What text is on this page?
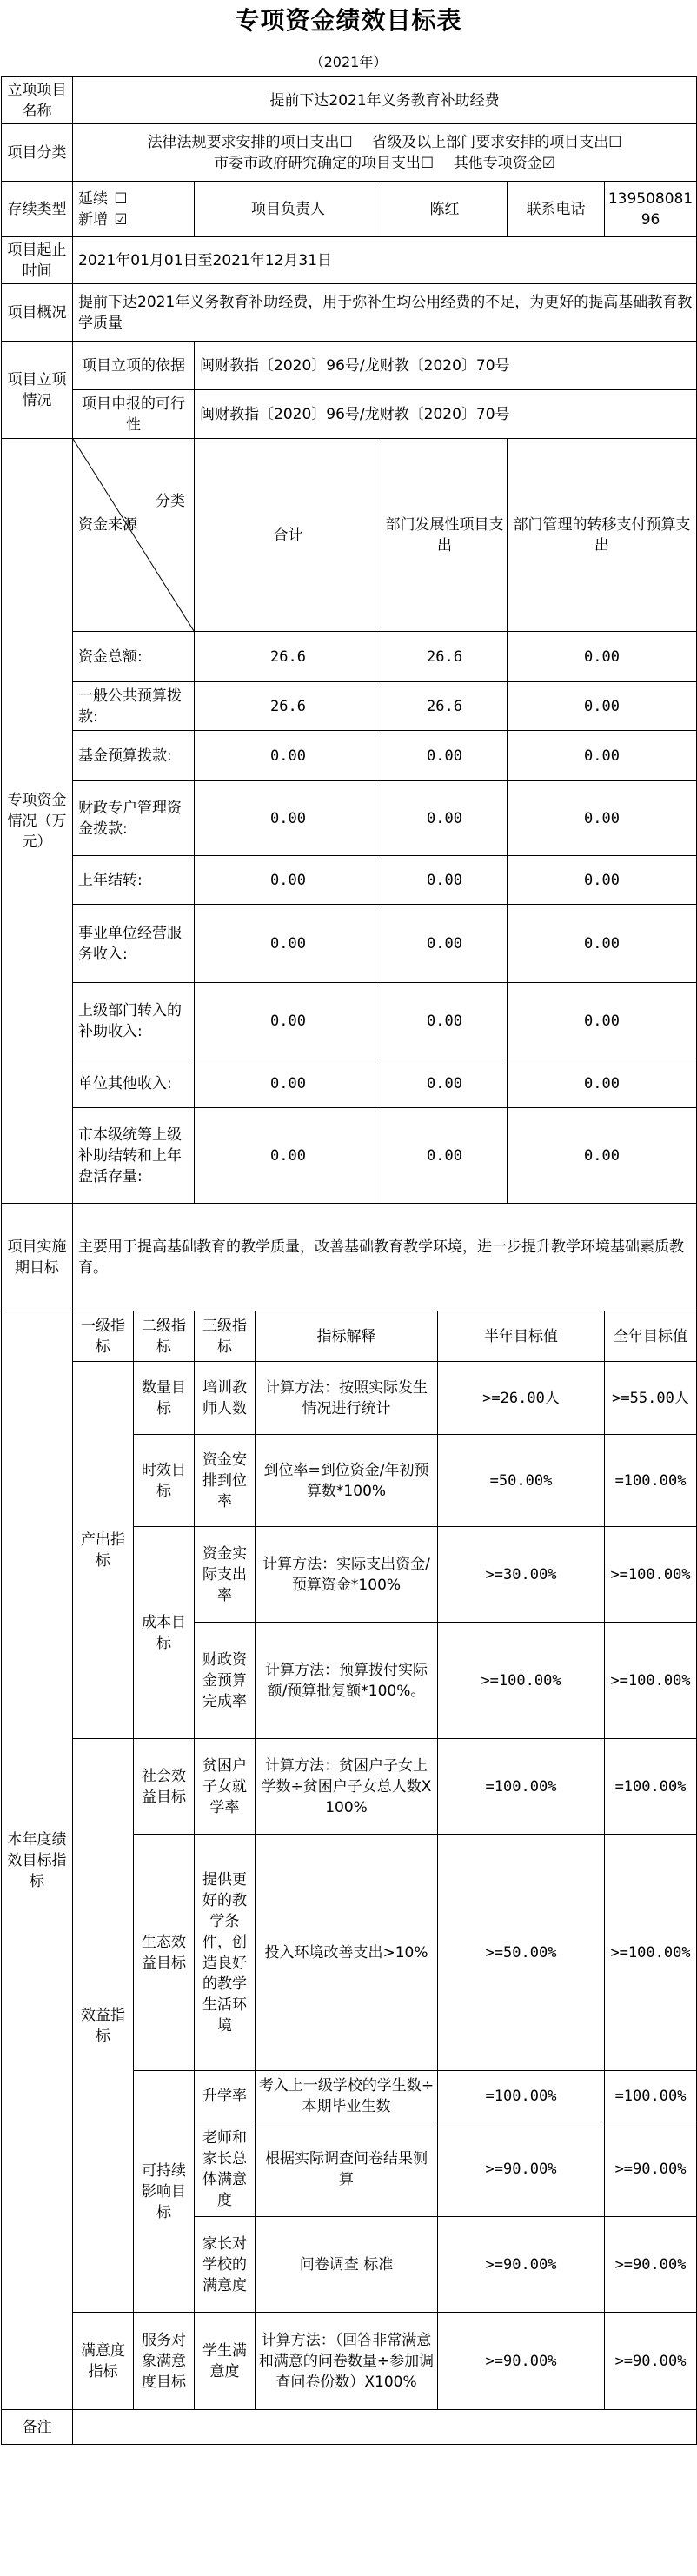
专项资金绩效目标表
（2021年）
立项项目名称	提前下达2021年义务教育补助经费							
项目分类	法律法规要求安排的项目支出☐　 省级及以上部门要求安排的项目支出☐
市委市政府研究确定的项目支出☐　 其他专项资金☑							

存续类型	延续 ☐
新增 ☑		项目负责人		陈红		联系电话	13950808196
项目起止时间	2021年01月01日至2021年12月31日							
项目概况	提前下达2021年义务教育补助经费，用于弥补生均公用经费的不足，为更好的提高基础教育教学质量							
项目立项情况	项目立项的依据		闽财教指〔2020〕96号/龙财教〔2020〕70号					
	项目申报的可行性		闽财教指〔2020〕96号/龙财教〔2020〕70号					
专项资金情况（万元）	分类
资金来源		合计		部门发展性项目支出		部门管理的转移支付预算支出	
	资金总额:		26.6		26.6		0.00	
	一般公共预算拨款:		26.6		26.6		0.00	
	基金预算拨款:		0.00		0.00		0.00	
	财政专户管理资金拨款:		0.00		0.00		0.00	
	上年结转:		0.00		0.00		0.00	
	事业单位经营服务收入:		0.00		0.00		0.00	
	上级部门转入的补助收入:		0.00		0.00		0.00	
	单位其他收入:		0.00		0.00		0.00	
	市本级统筹上级补助结转和上年盘活存量:		0.00		0.00		0.00	
项目实施期目标	主要用于提高基础教育的教学质量，改善基础教育教学环境，进一步提升教学环境基础素质教育。							
本年度绩效目标指标	一级指标	二级指标	三级指标	指标解释		半年目标值		全年目标值
	产出指标	数量目标	培训教师人数	计算方法：按照实际发生情况进行统计		>=26.00人		>=55.00人
		时效目标	资金安排到位率	到位率=到位资金/年初预算数*100%		=50.00%		=100.00%
		成本目标	资金实际支出率	计算方法：实际支出资金/预算资金*100%		>=30.00%		>=100.00%
			财政资金预算完成率	计算方法：预算拨付实际额/预算批复额*100%。		>=100.00%		>=100.00%
	效益指标	社会效益目标	贫困户子女就学率	计算方法：贫困户子女上学数÷贫困户子女总人数X100%		=100.00%		=100.00%
		生态效益目标	提供更好的教学条件，创造良好的教学生活环境	投入环境改善支出>10%		>=50.00%		>=100.00%
		可持续影响目标	升学率	考入上一级学校的学生数÷本期毕业生数		=100.00%		=100.00%
			老师和家长总体满意度	根据实际调查问卷结果测算		>=90.00%		>=90.00%
			家长对学校的满意度	问卷调查 标准		>=90.00%		>=90.00%
	满意度指标	服务对象满意度目标	学生满意度	计算方法：（回答非常满意和满意的问卷数量÷参加调查问卷份数）X100%		>=90.00%		>=90.00%
备注								
